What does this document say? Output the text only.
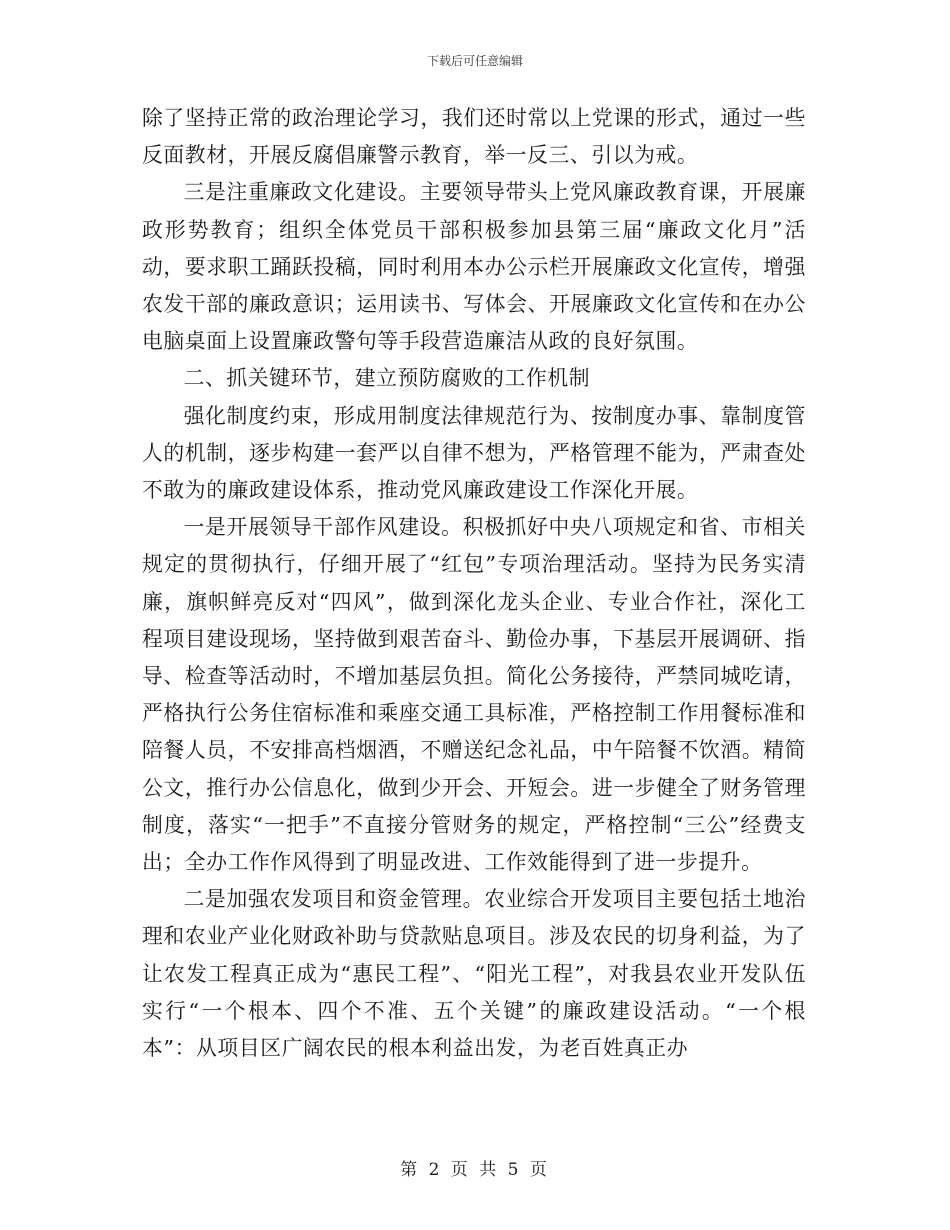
下载后可任意编辑

除了坚持正常的政治理论学习，我们还时常以上党课的形式，通过一些反面教材，开展反腐倡廉警示教育，举一反三、引以为戒。

三是注重廉政文化建设。主要领导带头上党风廉政教育课，开展廉政形势教育；组织全体党员干部积极参加县第三届“廉政文化月”活动，要求职工踊跃投稿，同时利用本办公示栏开展廉政文化宣传，增强农发干部的廉政意识；运用读书、写体会、开展廉政文化宣传和在办公电脑桌面上设置廉政警句等手段营造廉洁从政的良好氛围。

二、抓关键环节，建立预防腐败的工作机制

强化制度约束，形成用制度法律规范行为、按制度办事、靠制度管人的机制，逐步构建一套严以自律不想为，严格管理不能为，严肃查处不敢为的廉政建设体系，推动党风廉政建设工作深化开展。

一是开展领导干部作风建设。积极抓好中央八项规定和省、市相关规定的贯彻执行，仔细开展了“红包”专项治理活动。坚持为民务实清廉，旗帜鲜亮反对“四风”，做到深化龙头企业、专业合作社，深化工程项目建设现场，坚持做到艰苦奋斗、勤俭办事，下基层开展调研、指导、检查等活动时，不增加基层负担。简化公务接待，严禁同城吃请，严格执行公务住宿标准和乘座交通工具标准，严格控制工作用餐标准和陪餐人员，不安排高档烟酒，不赠送纪念礼品，中午陪餐不饮酒。精简公文，推行办公信息化，做到少开会、开短会。进一步健全了财务管理制度，落实“一把手”不直接分管财务的规定，严格控制“三公”经费支出；全办工作作风得到了明显改进、工作效能得到了进一步提升。

二是加强农发项目和资金管理。农业综合开发项目主要包括土地治理和农业产业化财政补助与贷款贴息项目。涉及农民的切身利益，为了让农发工程真正成为“惠民工程”、“阳光工程”，对我县农业开发队伍实行“一个根本、四个不准、五个关键”的廉政建设活动。“一个根本”：从项目区广阔农民的根本利益出发，为老百姓真正办

第 2 页 共 5 页
